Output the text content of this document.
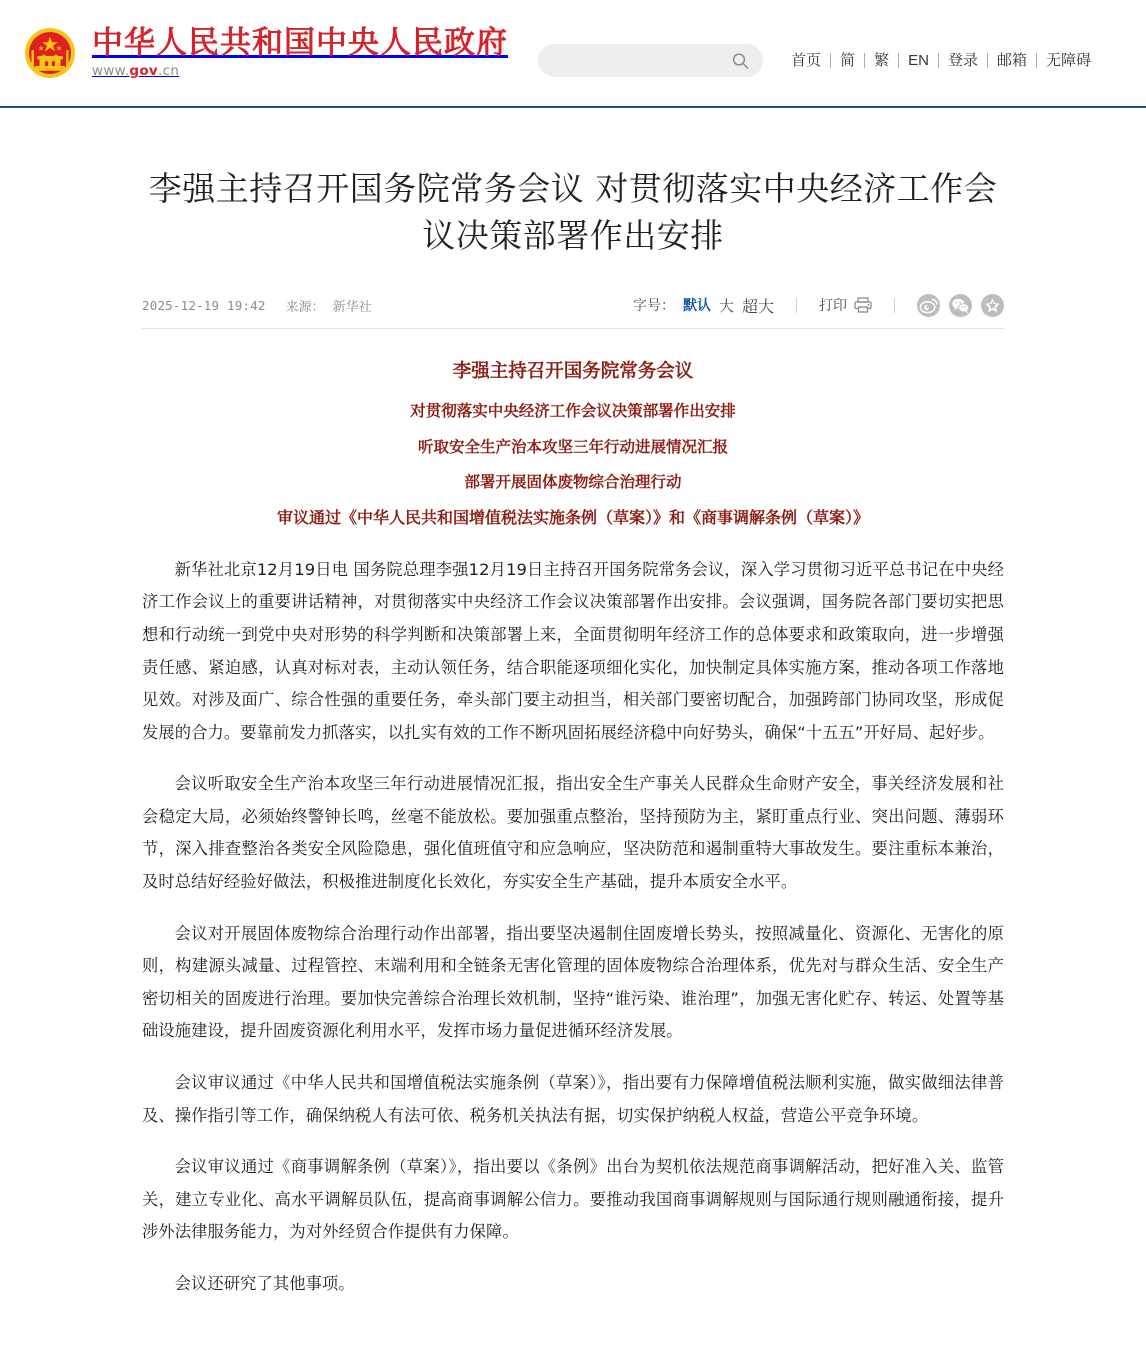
中华人民共和国中央人民政府
www.gov.cn
首页	简	繁	EN	登录	邮箱	无障碍
李强主持召开国务院常务会议 对贯彻落实中央经济工作会议决策部署作出安排
2025-12-19 19:42 来源： 新华社	字号： 默认 大 超大	打印

李强主持召开国务院常务会议

对贯彻落实中央经济工作会议决策部署作出安排

听取安全生产治本攻坚三年行动进展情况汇报

部署开展固体废物综合治理行动

审议通过《中华人民共和国增值税法实施条例（草案）》和《商事调解条例（草案）》

新华社北京12月19日电 国务院总理李强12月19日主持召开国务院常务会议，深入学习贯彻习近平总书记在中央经济工作会议上的重要讲话精神，对贯彻落实中央经济工作会议决策部署作出安排。会议强调，国务院各部门要切实把思想和行动统一到党中央对形势的科学判断和决策部署上来，全面贯彻明年经济工作的总体要求和政策取向，进一步增强责任感、紧迫感，认真对标对表，主动认领任务，结合职能逐项细化实化，加快制定具体实施方案，推动各项工作落地见效。对涉及面广、综合性强的重要任务，牵头部门要主动担当，相关部门要密切配合，加强跨部门协同攻坚，形成促发展的合力。要靠前发力抓落实，以扎实有效的工作不断巩固拓展经济稳中向好势头，确保“十五五”开好局、起好步。

会议听取安全生产治本攻坚三年行动进展情况汇报，指出安全生产事关人民群众生命财产安全，事关经济发展和社会稳定大局，必须始终警钟长鸣，丝毫不能放松。要加强重点整治，坚持预防为主，紧盯重点行业、突出问题、薄弱环节，深入排查整治各类安全风险隐患，强化值班值守和应急响应，坚决防范和遏制重特大事故发生。要注重标本兼治，及时总结好经验好做法，积极推进制度化长效化，夯实安全生产基础，提升本质安全水平。

会议对开展固体废物综合治理行动作出部署，指出要坚决遏制住固废增长势头，按照减量化、资源化、无害化的原则，构建源头减量、过程管控、末端利用和全链条无害化管理的固体废物综合治理体系，优先对与群众生活、安全生产密切相关的固废进行治理。要加快完善综合治理长效机制，坚持“谁污染、谁治理”，加强无害化贮存、转运、处置等基础设施建设，提升固废资源化利用水平，发挥市场力量促进循环经济发展。

会议审议通过《中华人民共和国增值税法实施条例（草案）》，指出要有力保障增值税法顺利实施，做实做细法律普及、操作指引等工作，确保纳税人有法可依、税务机关执法有据，切实保护纳税人权益，营造公平竞争环境。

会议审议通过《商事调解条例（草案）》，指出要以《条例》出台为契机依法规范商事调解活动，把好准入关、监管关，建立专业化、高水平调解员队伍，提高商事调解公信力。要推动我国商事调解规则与国际通行规则融通衔接，提升涉外法律服务能力，为对外经贸合作提供有力保障。

会议还研究了其他事项。
